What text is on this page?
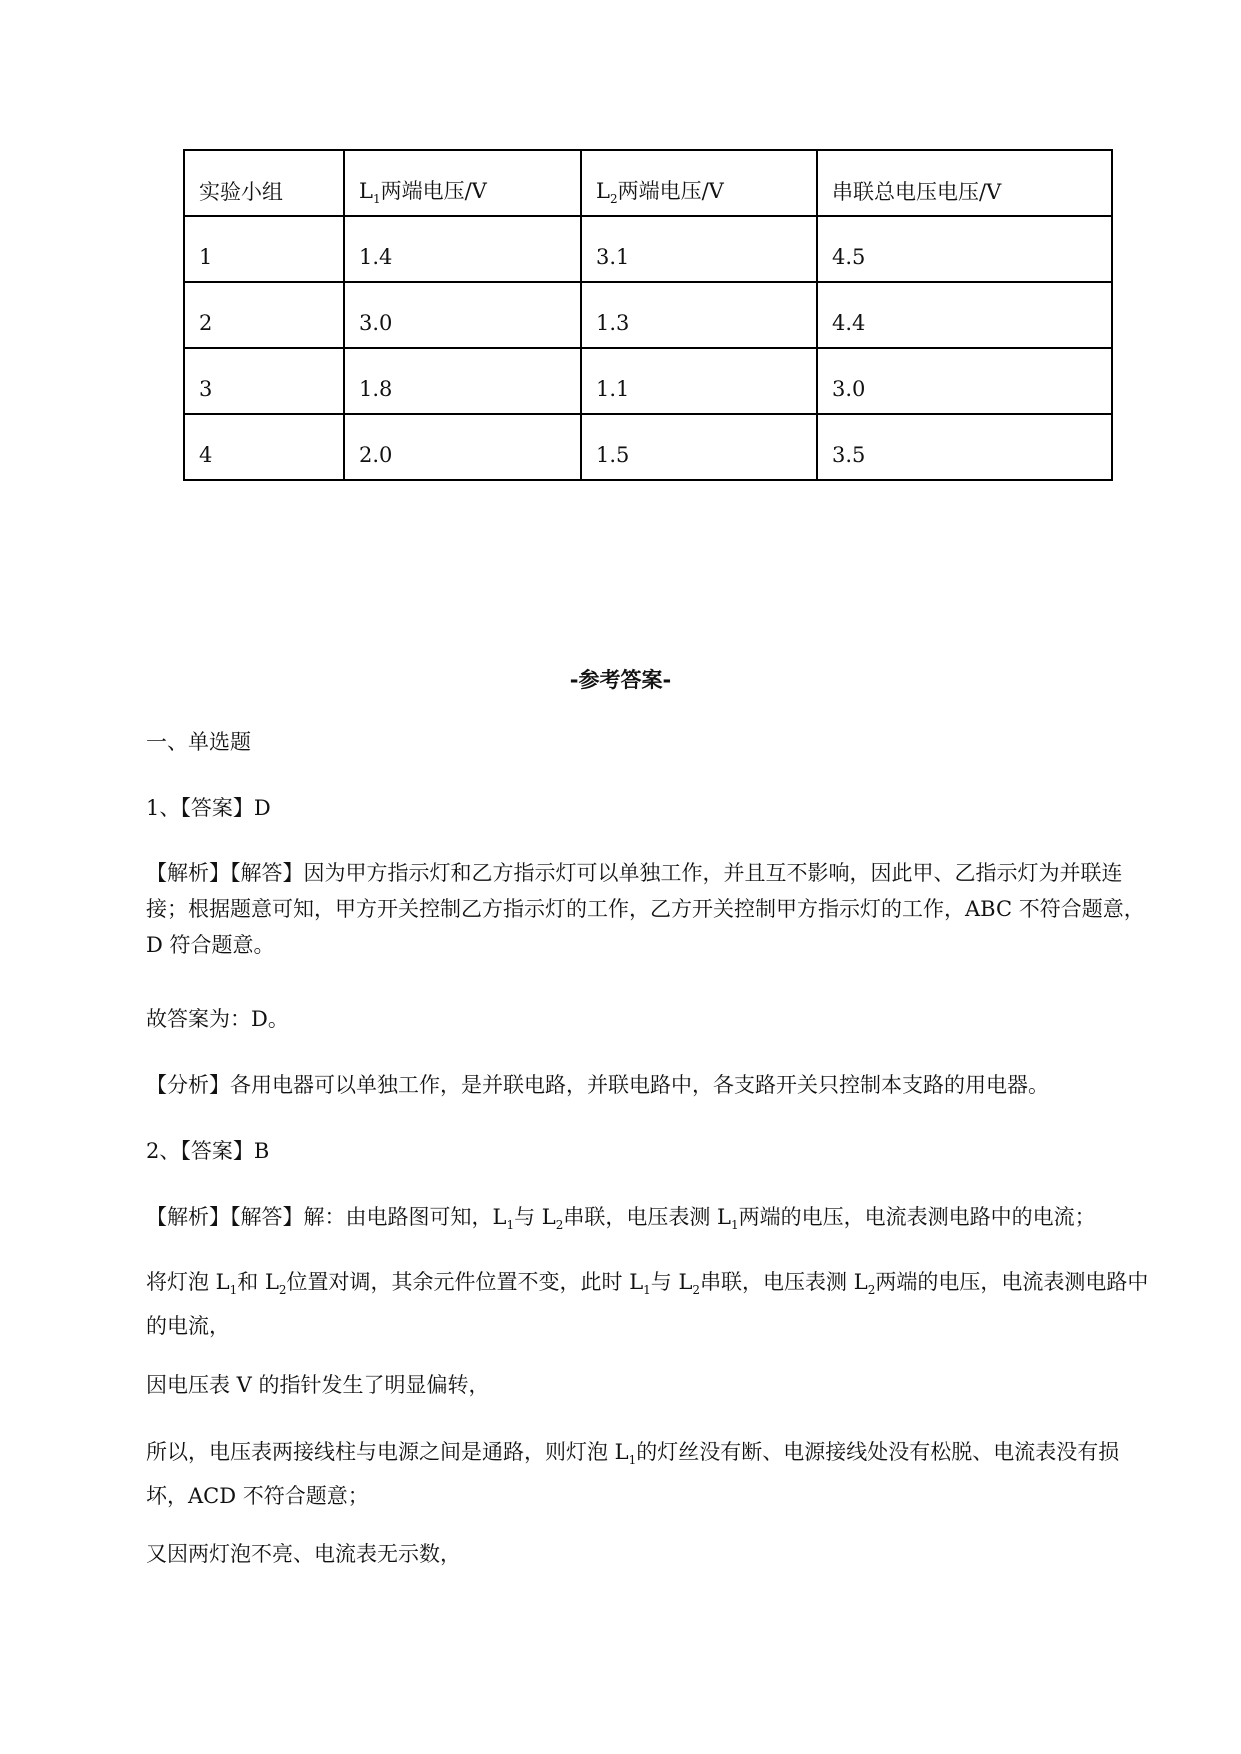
实验小组	$L_1$两端电压/V	$L_2$两端电压/V	串联总电压电压/V
1	1.4	3.1	4.5
2	3.0	1.3	4.4
3	1.8	1.1	3.0
4	2.0	1.5	3.5
-参考答案-
一、单选题
1、【答案】D
【解析】【解答】因为甲方指示灯和乙方指示灯可以单独工作，并且互不影响，因此甲、乙指示灯为并联连接；根据题意可知，甲方开关控制乙方指示灯的工作，乙方开关控制甲方指示灯的工作，ABC 不符合题意，D 符合题意。
故答案为：D。
【分析】各用电器可以单独工作，是并联电路，并联电路中，各支路开关只控制本支路的用电器。
2、【答案】B
【解析】【解答】解：由电路图可知，$L_1$与 $L_2$串联，电压表测 $L_1$两端的电压，电流表测电路中的电流；
将灯泡 $L_1$和 $L_2$位置对调，其余元件位置不变，此时 $L_1$与 $L_2$串联，电压表测 $L_2$两端的电压，电流表测电路中的电流，
因电压表 V 的指针发生了明显偏转，
所以，电压表两接线柱与电源之间是通路，则灯泡 $L_1$的灯丝没有断、电源接线处没有松脱、电流表没有损坏，ACD 不符合题意；
又因两灯泡不亮、电流表无示数，
